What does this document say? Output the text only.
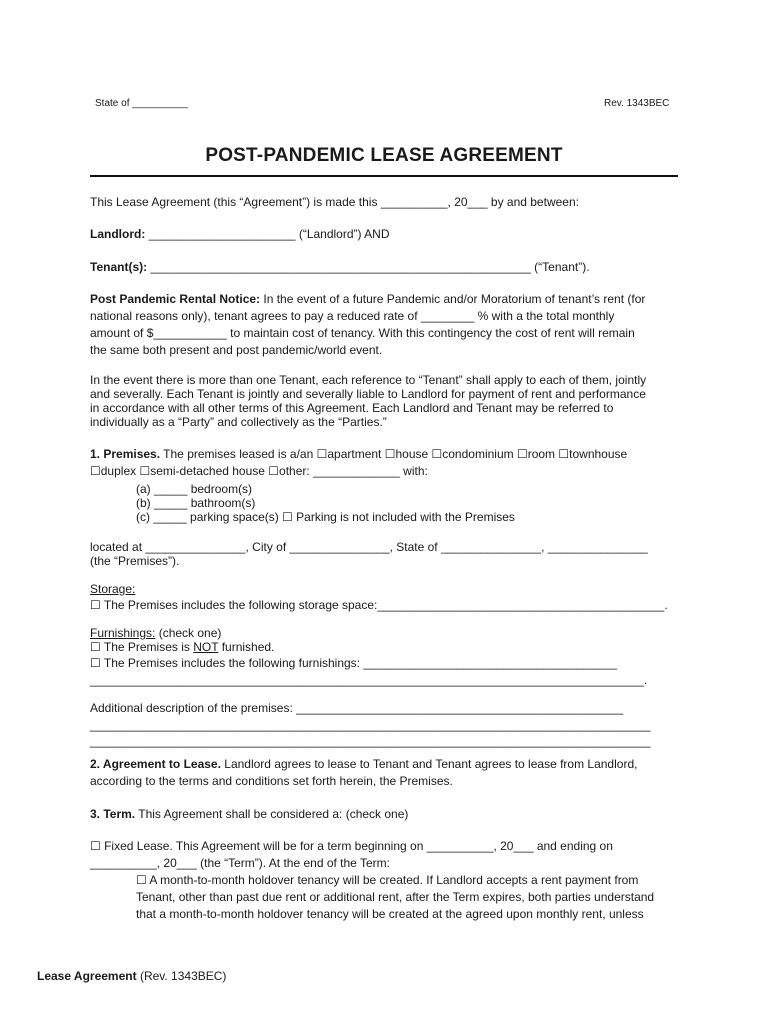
State of __________	Rev. 1343BEC
POST-PANDEMIC LEASE AGREEMENT
This Lease Agreement (this “Agreement”) is made this __________, 20___ by and between:
Landlord: ______________________ (“Landlord”) AND
Tenant(s): _________________________________________________________ (“Tenant”).
Post Pandemic Rental Notice: In the event of a future Pandemic and/or Moratorium of tenant’s rent (for
national reasons only), tenant agrees to pay a reduced rate of ________ % with a the total monthly
amount of $___________ to maintain cost of tenancy. With this contingency the cost of rent will remain
the same both present and post pandemic/world event.
In the event there is more than one Tenant, each reference to “Tenant” shall apply to each of them, jointly
and severally. Each Tenant is jointly and severally liable to Landlord for payment of rent and performance
in accordance with all other terms of this Agreement. Each Landlord and Tenant may be referred to
individually as a “Party” and collectively as the “Parties.”
1. Premises. The premises leased is a/an ☐apartment ☐house ☐condominium ☐room ☐townhouse
☐duplex ☐semi-detached house ☐other: _____________ with:
(a) _____ bedroom(s)
(b) _____ bathroom(s)
(c) _____ parking space(s) ☐ Parking is not included with the Premises
located at _______________, City of _______________, State of _______________, _______________
(the “Premises”).
Storage:
☐ The Premises includes the following storage space:___________________________________________.
Furnishings: (check one)
☐ The Premises is NOT furnished.
☐ The Premises includes the following furnishings: ______________________________________
___________________________________________________________________________________.
Additional description of the premises: _________________________________________________
____________________________________________________________________________________
____________________________________________________________________________________
2. Agreement to Lease. Landlord agrees to lease to Tenant and Tenant agrees to lease from Landlord,
according to the terms and conditions set forth herein, the Premises.
3. Term. This Agreement shall be considered a: (check one)
☐ Fixed Lease. This Agreement will be for a term beginning on __________, 20___ and ending on
__________, 20___ (the “Term”). At the end of the Term:
☐ A month-to-month holdover tenancy will be created. If Landlord accepts a rent payment from
Tenant, other than past due rent or additional rent, after the Term expires, both parties understand
that a month-to-month holdover tenancy will be created at the agreed upon monthly rent, unless
Lease Agreement (Rev. 1343BEC)
